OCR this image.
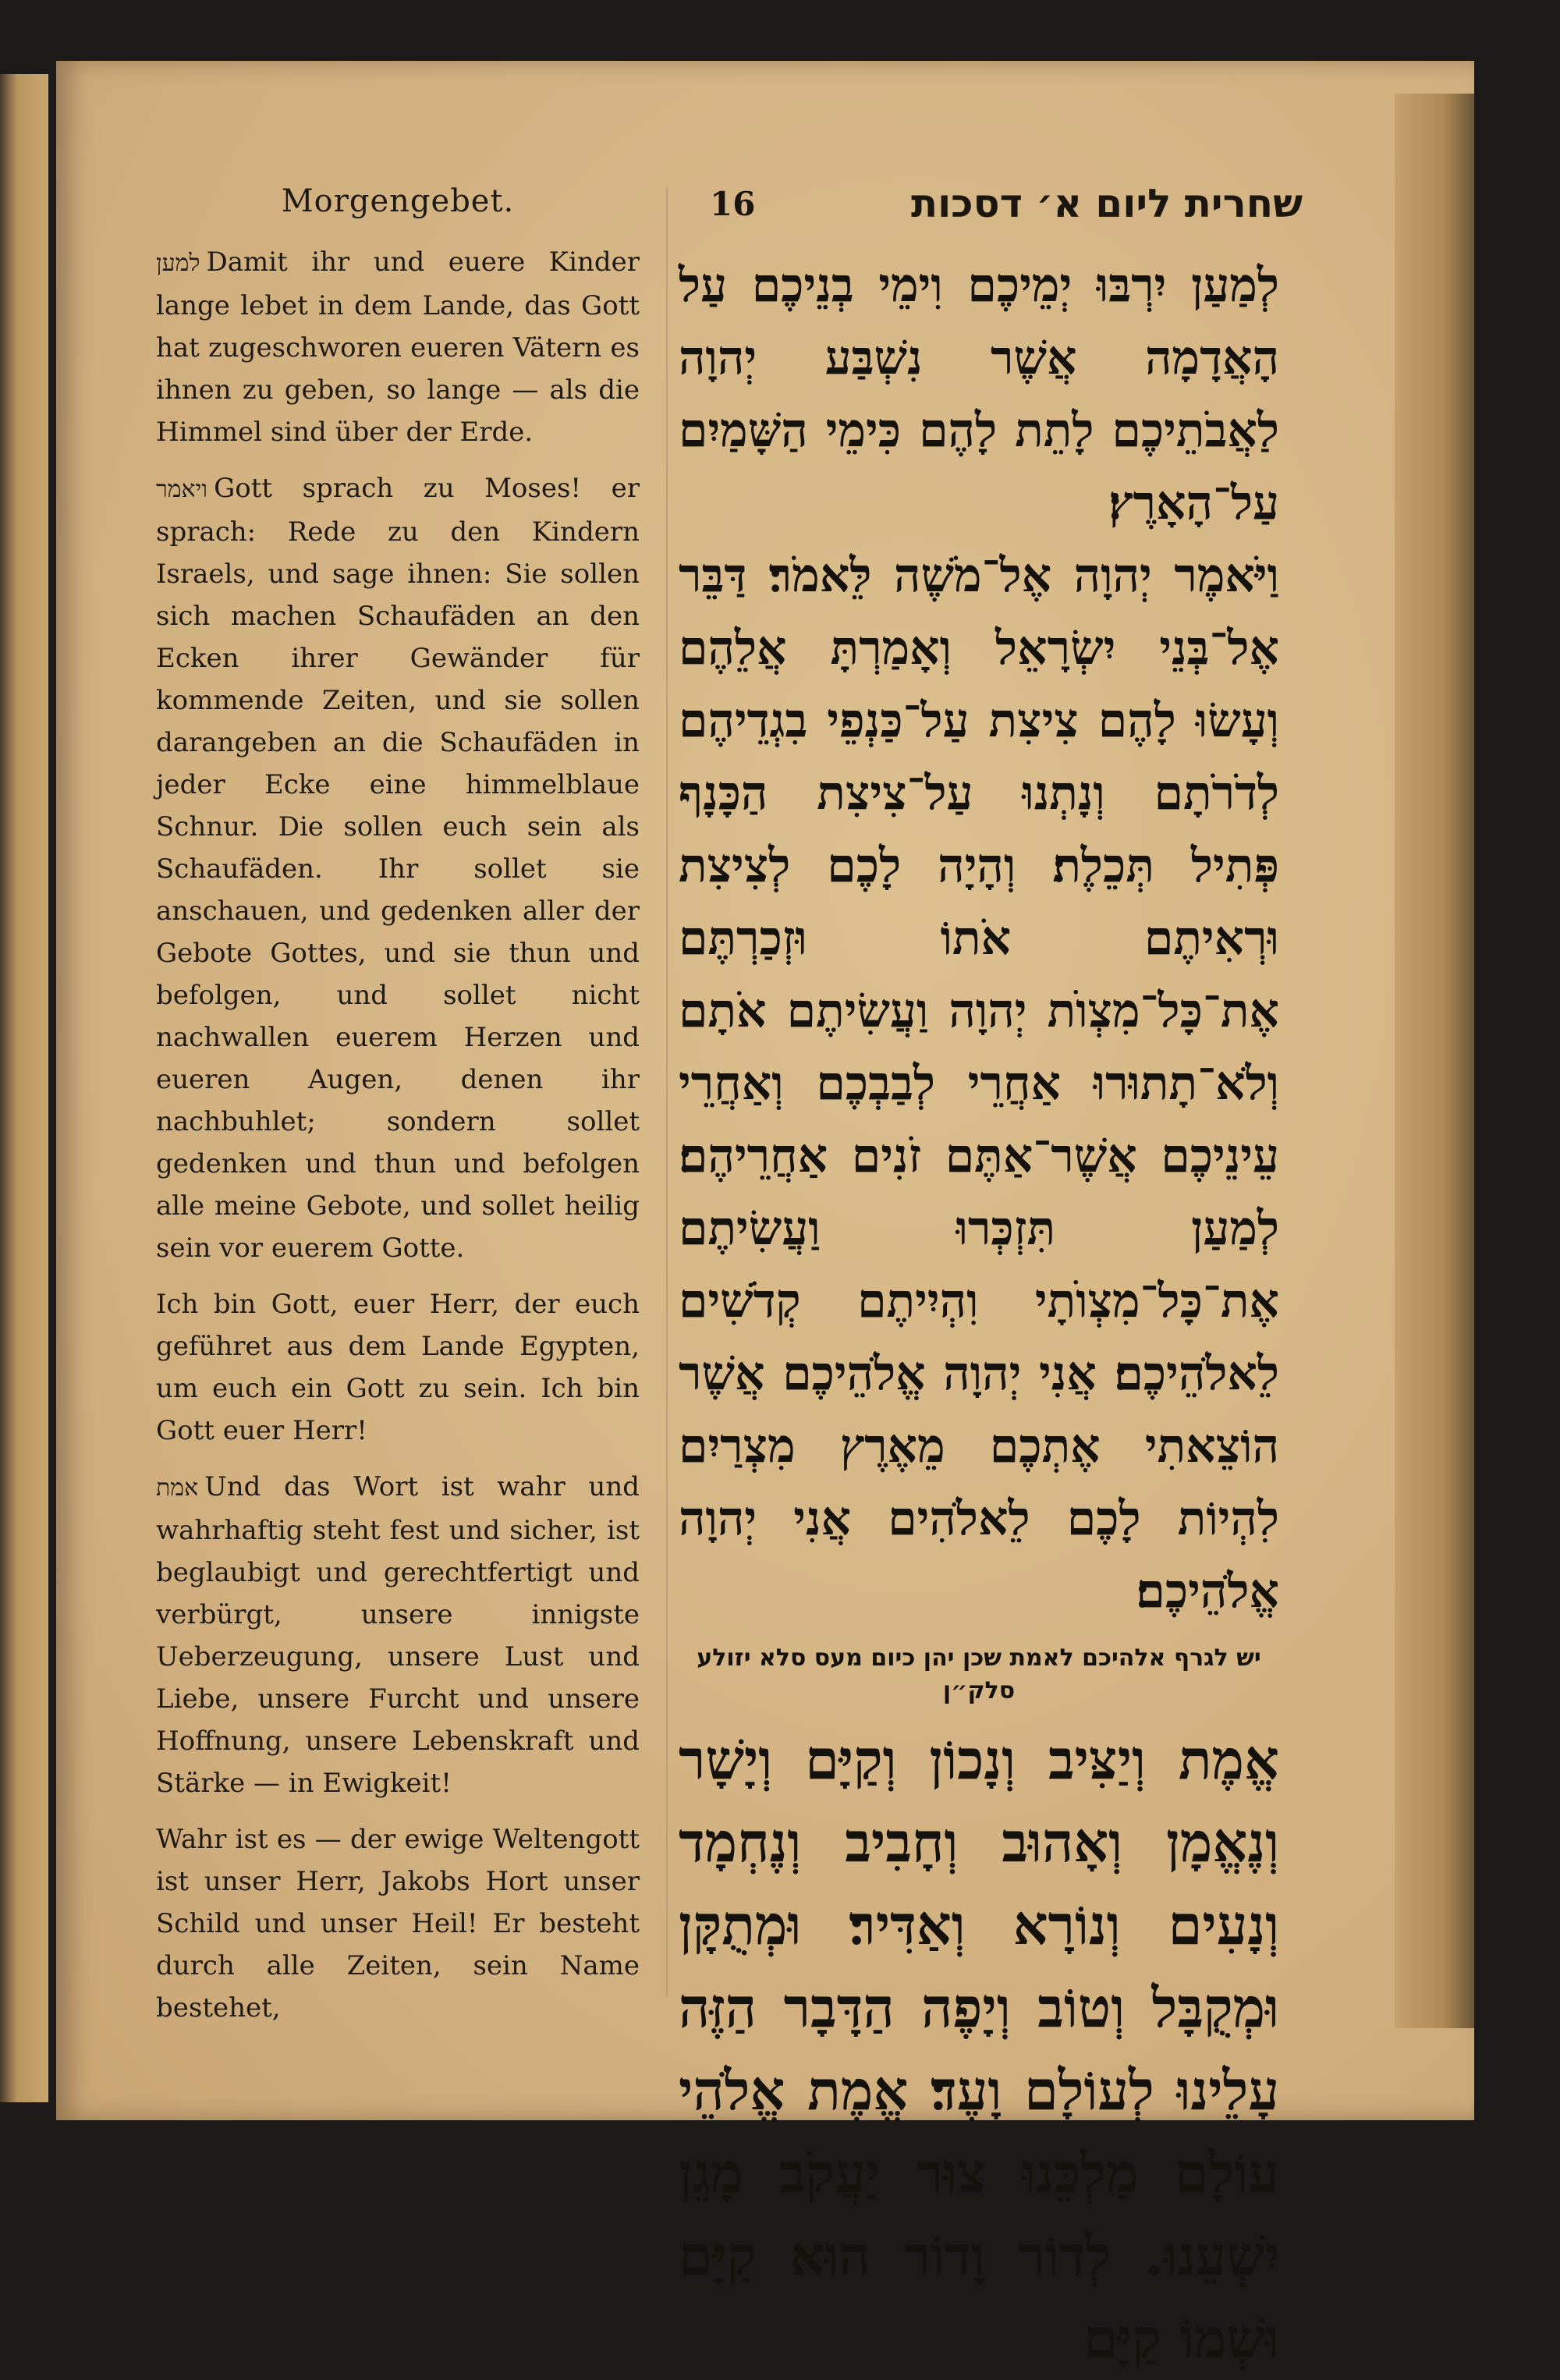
Morgengebet.

למען Damit ihr und euere Kinder lange lebet in dem Lande, das Gott hat zugeschworen eueren Vätern es ihnen zu geben, so lange — als die Himmel sind über der Erde.

ויאמר Gott sprach zu Moses! er sprach: Rede zu den Kindern Israels, und sage ihnen: Sie sollen sich machen Schaufäden an den Ecken ihrer Gewänder für kommende Zeiten, und sie sollen darangeben an die Schaufäden in jeder Ecke eine himmelblaue Schnur. Die sollen euch sein als Schaufäden. Ihr sollet sie anschauen, und gedenken aller der Gebote Gottes, und sie thun und befolgen, und sollet nicht nachwallen euerem Herzen und eueren Augen, denen ihr nachbuhlet; sondern sollet gedenken und thun und befolgen alle meine Gebote, und sollet heilig sein vor euerem Gotte.

Ich bin Gott, euer Herr, der euch geführet aus dem Lande Egypten, um euch ein Gott zu sein. Ich bin Gott euer Herr!

אמת Und das Wort ist wahr und wahrhaftig steht fest und sicher, ist beglaubigt und gerechtfertigt und verbürgt, unsere innigste Ueberzeugung, unsere Lust und Liebe, unsere Furcht und unsere Hoffnung, unsere Lebenskraft und Stärke — in Ewigkeit!

Wahr ist es — der ewige Weltengott ist unser Herr, Jakobs Hort unser Schild und unser Heil! Er besteht durch alle Zeiten, sein Name bestehet,

16	שחרית ליום א׳ דסכות

לְמַעַן יִרְבּוּ יְמֵיכֶם וִימֵי בְנֵיכֶם עַל הָאֲדָמָה אֲשֶׁר נִשְׁבַּע יְהוָה לַאֲבֹתֵיכֶם לָתֵת לָהֶם כִּימֵי הַשָּׁמַיִם עַל־הָאָרֶץ׃

וַיֹּאמֶר יְהוָה אֶל־מֹשֶׁה לֵּאמֹר׃ דַּבֵּר אֶל־בְּנֵי יִשְׂרָאֵל וְאָמַרְתָּ אֲלֵהֶם וְעָשׂוּ לָהֶם צִיצִת עַל־כַּנְפֵי בִגְדֵיהֶם לְדֹרֹתָם וְנָתְנוּ עַל־צִיצִת הַכָּנָף פְּתִיל תְּכֵלֶת׃ וְהָיָה לָכֶם לְצִיצִת וּרְאִיתֶם אֹתוֹ וּזְכַרְתֶּם אֶת־כָּל־מִצְוֺת יְהוָה וַעֲשִׂיתֶם אֹתָם וְלֹא־תָתוּרוּ אַחֲרֵי לְבַבְכֶם וְאַחֲרֵי עֵינֵיכֶם אֲשֶׁר־אַתֶּם זֹנִים אַחֲרֵיהֶם׃ לְמַעַן תִּזְכְּרוּ וַעֲשִׂיתֶם אֶת־כָּל־מִצְוֺתָי וִהְיִיתֶם קְדֹשִׁים לֵאלֹהֵיכֶם׃ אֲנִי יְהוָה אֱלֹהֵיכֶם אֲשֶׁר הוֹצֵאתִי אֶתְכֶם מֵאֶרֶץ מִצְרַיִם לִהְיוֹת לָכֶם לֵאלֹהִים אֲנִי יְהוָה אֱלֹהֵיכֶם׃

יש לגרף אלהיכם לאמת שכן יהן כיום מעס סלא יזולע סלק״ן

אֱמֶת וְיַצִּיב וְנָכוֹן וְקַיָּם וְיָשָׁר וְנֶאֱמָן וְאָהוּב וְחָבִיב וְנֶחְמָד וְנָעִים וְנוֹרָא וְאַדִּיר׃ וּמְתֻקָּן וּמְקֻבָּל וְטוֹב וְיָפֶה הַדָּבָר הַזֶּה עָלֵינוּ לְעוֹלָם וָעֶד׃ אֱמֶת אֱלֹהֵי עוֹלָם מַלְכֵּנוּ צוּר יַעֲקֹב מָגֵן יִשְׁעֵנוּ. לְדוֹר וָדוֹר הוּא קַיָּם וּשְׁמוֹ קַיָּם
